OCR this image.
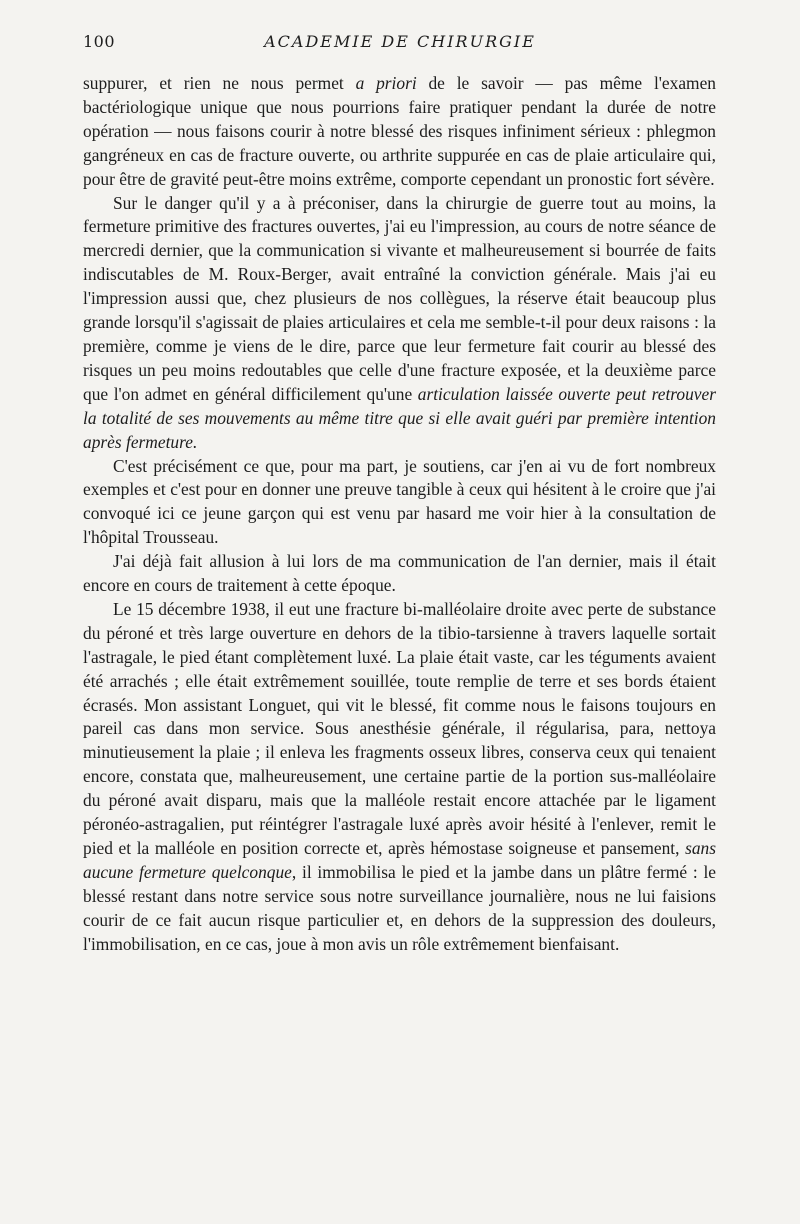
100	ACADEMIE DE CHIRURGIE

suppurer, et rien ne nous permet a priori de le savoir — pas même l'examen bactériologique unique que nous pourrions faire pratiquer pendant la durée de notre opération — nous faisons courir à notre blessé des risques infiniment sérieux : phlegmon gangréneux en cas de fracture ouverte, ou arthrite suppurée en cas de plaie articulaire qui, pour être de gravité peut-être moins extrême, comporte cependant un pronostic fort sévère.

Sur le danger qu'il y a à préconiser, dans la chirurgie de guerre tout au moins, la fermeture primitive des fractures ouvertes, j'ai eu l'impression, au cours de notre séance de mercredi dernier, que la communication si vivante et malheureusement si bourrée de faits indiscutables de M. Roux-Berger, avait entraîné la conviction générale. Mais j'ai eu l'impression aussi que, chez plusieurs de nos collègues, la réserve était beaucoup plus grande lorsqu'il s'agissait de plaies articulaires et cela me semble-t-il pour deux raisons : la première, comme je viens de le dire, parce que leur fermeture fait courir au blessé des risques un peu moins redoutables que celle d'une fracture exposée, et la deuxième parce que l'on admet en général difficilement qu'une articulation laissée ouverte peut retrouver la totalité de ses mouvements au même titre que si elle avait guéri par première intention après fermeture.

C'est précisément ce que, pour ma part, je soutiens, car j'en ai vu de fort nombreux exemples et c'est pour en donner une preuve tangible à ceux qui hésitent à le croire que j'ai convoqué ici ce jeune garçon qui est venu par hasard me voir hier à la consultation de l'hôpital Trousseau.

J'ai déjà fait allusion à lui lors de ma communication de l'an dernier, mais il était encore en cours de traitement à cette époque.

Le 15 décembre 1938, il eut une fracture bi-malléolaire droite avec perte de substance du péroné et très large ouverture en dehors de la tibio-tarsienne à travers laquelle sortait l'astragale, le pied étant complètement luxé. La plaie était vaste, car les téguments avaient été arrachés ; elle était extrêmement souillée, toute remplie de terre et ses bords étaient écrasés. Mon assistant Longuet, qui vit le blessé, fit comme nous le faisons toujours en pareil cas dans mon service. Sous anesthésie générale, il régularisa, para, nettoya minutieusement la plaie ; il enleva les fragments osseux libres, conserva ceux qui tenaient encore, constata que, malheureusement, une certaine partie de la portion sus-malléolaire du péroné avait disparu, mais que la malléole restait encore attachée par le ligament péronéo-astragalien, put réintégrer l'astragale luxé après avoir hésité à l'enlever, remit le pied et la malléole en position correcte et, après hémostase soigneuse et pansement, sans aucune fermeture quelconque, il immobilisa le pied et la jambe dans un plâtre fermé : le blessé restant dans notre service sous notre surveillance journalière, nous ne lui faisions courir de ce fait aucun risque particulier et, en dehors de la suppression des douleurs, l'immobilisation, en ce cas, joue à mon avis un rôle extrêmement bienfaisant.
